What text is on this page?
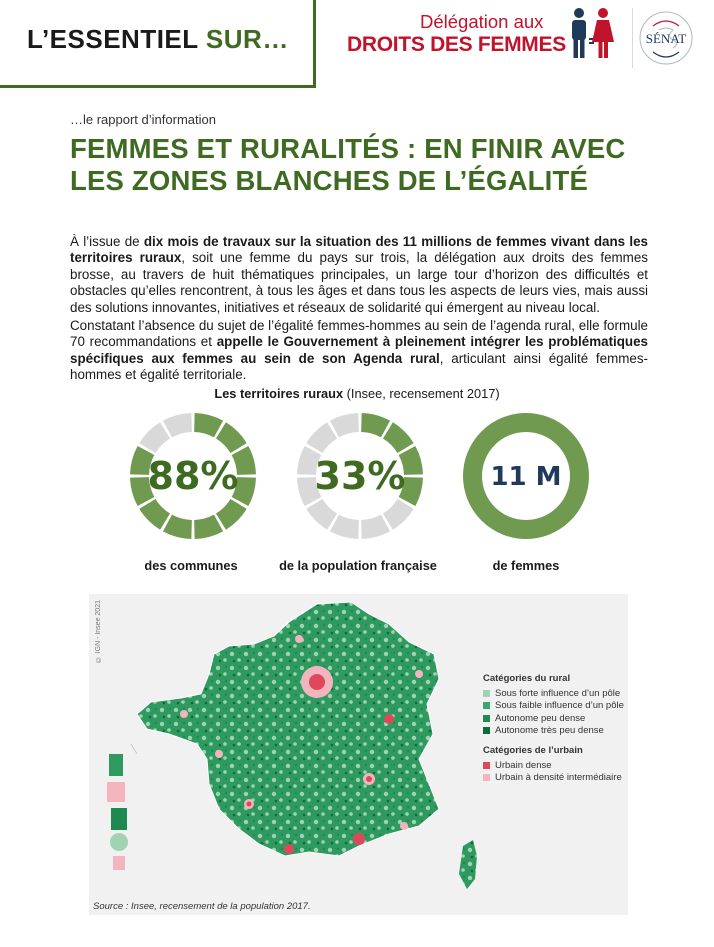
L’ESSENTIEL SUR…
Délégation aux
DROITS DES FEMMES	SÉNAT
…le rapport d’information
FEMMES ET RURALITÉS : EN FINIR AVEC LES ZONES BLANCHES DE L’ÉGALITÉ

À l’issue de dix mois de travaux sur la situation des 11 millions de femmes vivant dans les territoires ruraux, soit une femme du pays sur trois, la délégation aux droits des femmes brosse, au travers de huit thématiques principales, un large tour d’horizon des difficultés et obstacles qu’elles rencontrent, à tous les âges et dans tous les aspects de leurs vies, mais aussi des solutions innovantes, initiatives et réseaux de solidarité qui émergent au niveau local.

Constatant l’absence du sujet de l’égalité femmes-hommes au sein de l’agenda rural, elle formule 70 recommandations et appelle le Gouvernement à pleinement intégrer les problématiques spécifiques aux femmes au sein de son Agenda rural, articulant ainsi égalité femmes-hommes et égalité territoriale.

Les territoires ruraux (Insee, recensement 2017)
88% 33%	11 M
des communes	de la population française	de femmes
© IGN - Insee 2021
Catégories du rural
Sous forte influence d’un pôle
Sous faible influence d’un pôle
Autonome peu dense
Autonome très peu dense
Catégories de l’urbain
Urbain dense
Urbain à densité intermédiaire
Source : Insee, recensement de la population 2017.
